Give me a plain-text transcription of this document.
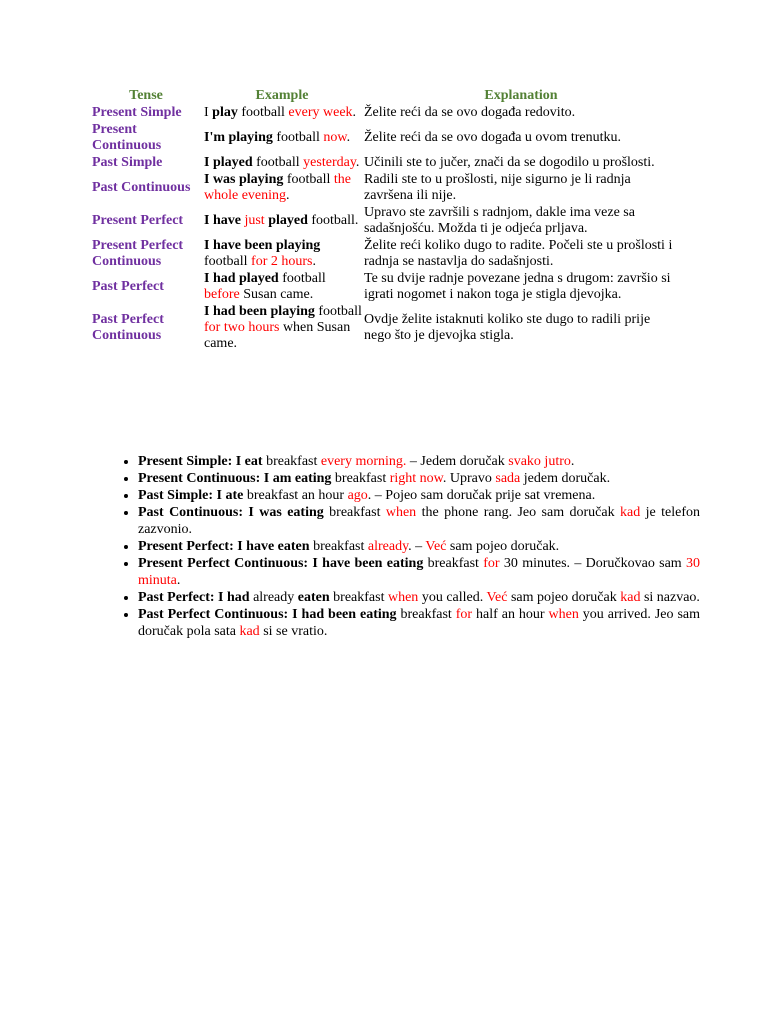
Tense	Example	Explanation
Present Simple	I play football every week.	Želite reći da se ovo događa redovito.
Present Continuous	I'm playing football now.	Želite reći da se ovo događa u ovom trenutku.
Past Simple	I played football yesterday.	Učinili ste to jučer, znači da se dogodilo u prošlosti.
Past Continuous	I was playing football the whole evening.	Radili ste to u prošlosti, nije sigurno je li radnja završena ili nije.
Present Perfect	I have just played football.	Upravo ste završili s radnjom, dakle ima veze sa sadašnjošću. Možda ti je odjeća prljava.
Present Perfect Continuous	I have been playing football for 2 hours.	Želite reći koliko dugo to radite. Počeli ste u prošlosti i radnja se nastavlja do sadašnjosti.
Past Perfect	I had played football before Susan came.	Te su dvije radnje povezane jedna s drugom: završio si igrati nogomet i nakon toga je stigla djevojka.
Past Perfect Continuous	I had been playing football for two hours when Susan came.	Ovdje želite istaknuti koliko ste dugo to radili prije nego što je djevojka stigla.
• Present Simple: I eat breakfast every morning. – Jedem doručak svako jutro.
• Present Continuous: I am eating breakfast right now. Upravo sada jedem doručak.
• Past Simple: I ate breakfast an hour ago. – Pojeo sam doručak prije sat vremena.
• Past Continuous: I was eating breakfast when the phone rang. Jeo sam doručak kad je telefon zazvonio.
• Present Perfect: I have eaten breakfast already. – Već sam pojeo doručak.
• Present Perfect Continuous: I have been eating breakfast for 30 minutes. – Doručkovao sam 30 minuta.
• Past Perfect: I had already eaten breakfast when you called. Već sam pojeo doručak kad si nazvao.
• Past Perfect Continuous: I had been eating breakfast for half an hour when you arrived. Jeo sam doručak pola sata kad si se vratio.
